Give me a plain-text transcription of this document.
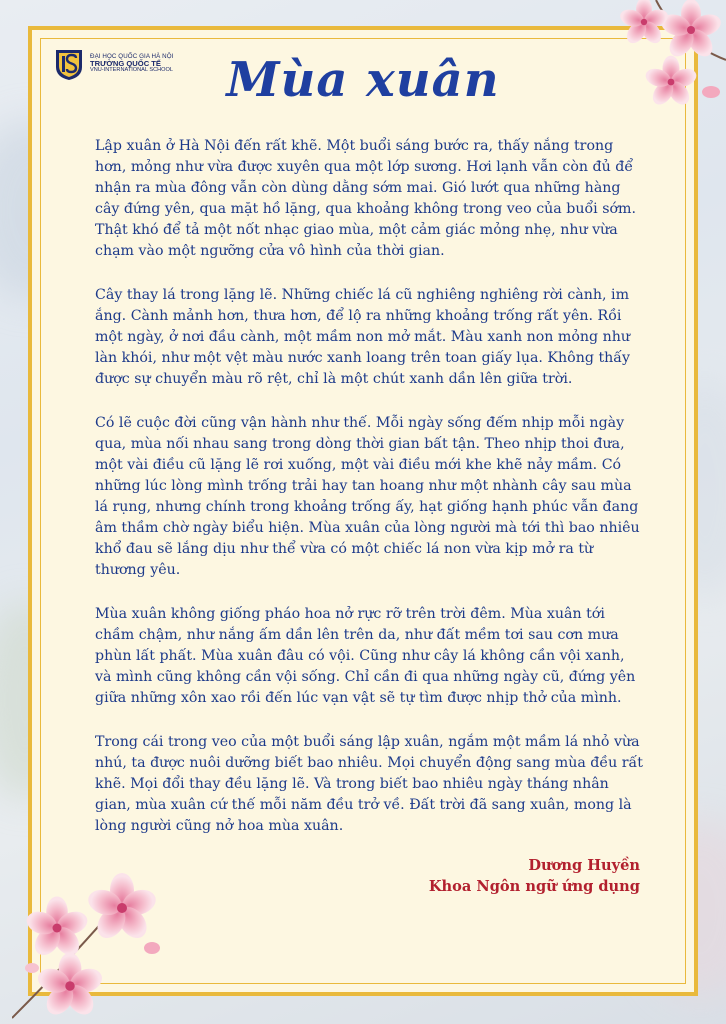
ĐẠI HỌC QUỐC GIA HÀ NỘI
TRƯỜNG QUỐC TẾ
VNU-INTERNATIONAL SCHOOL	Mùa xuân

Lập xuân ở Hà Nội đến rất khẽ. Một buổi sáng bước ra, thấy nắng trong hơn, mỏng như vừa được xuyên qua một lớp sương. Hơi lạnh vẫn còn đủ để nhận ra mùa đông vẫn còn dùng dằng sớm mai. Gió lướt qua những hàng cây đứng yên, qua mặt hồ lặng, qua khoảng không trong veo của buổi sớm. Thật khó để tả một nốt nhạc giao mùa, một cảm giác mỏng nhẹ, như vừa chạm vào một ngưỡng cửa vô hình của thời gian.

Cây thay lá trong lặng lẽ. Những chiếc lá cũ nghiêng nghiêng rời cành, im ắng. Cành mảnh hơn, thưa hơn, để lộ ra những khoảng trống rất yên. Rồi một ngày, ở nơi đầu cành, một mầm non mở mắt. Màu xanh non mỏng như làn khói, như một vệt màu nước xanh loang trên toan giấy lụa. Không thấy được sự chuyển màu rõ rệt, chỉ là một chút xanh dần lên giữa trời.

Có lẽ cuộc đời cũng vận hành như thế. Mỗi ngày sống đếm nhịp mỗi ngày qua, mùa nối nhau sang trong dòng thời gian bất tận. Theo nhịp thoi đưa, một vài điều cũ lặng lẽ rơi xuống, một vài điều mới khe khẽ nảy mầm. Có những lúc lòng mình trống trải hay tan hoang như một nhành cây sau mùa lá rụng, nhưng chính trong khoảng trống ấy, hạt giống hạnh phúc vẫn đang âm thầm chờ ngày biểu hiện. Mùa xuân của lòng người mà tới thì bao nhiêu khổ đau sẽ lắng dịu như thể vừa có một chiếc lá non vừa kịp mở ra từ thương yêu.

Mùa xuân không giống pháo hoa nở rực rỡ trên trời đêm. Mùa xuân tới chầm chậm, như nắng ấm dần lên trên da, như đất mềm tơi sau cơn mưa phùn lất phất. Mùa xuân đâu có vội. Cũng như cây lá không cần vội xanh, và mình cũng không cần vội sống. Chỉ cần đi qua những ngày cũ, đứng yên giữa những xôn xao rồi đến lúc vạn vật sẽ tự tìm được nhịp thở của mình.

Trong cái trong veo của một buổi sáng lập xuân, ngắm một mầm lá nhỏ vừa nhú, ta được nuôi dưỡng biết bao nhiêu. Mọi chuyển động sang mùa đều rất khẽ. Mọi đổi thay đều lặng lẽ. Và trong biết bao nhiêu ngày tháng nhân gian, mùa xuân cứ thế mỗi năm đều trở về. Đất trời đã sang xuân, mong là lòng người cũng nở hoa mùa xuân.

Dương Huyền
Khoa Ngôn ngữ ứng dụng
